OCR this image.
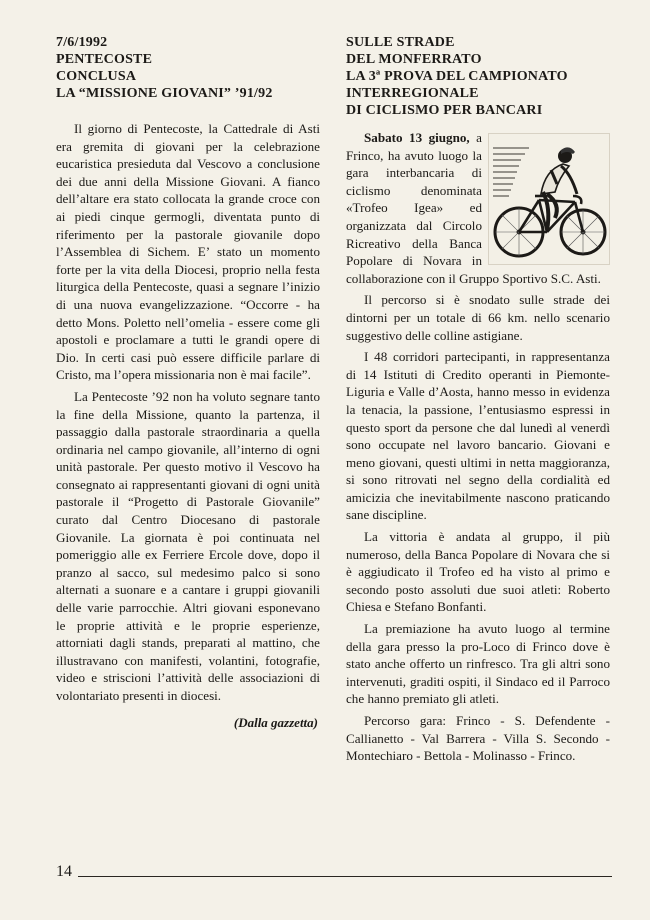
7/6/1992
PENTECOSTE
CONCLUSA
LA “MISSIONE GIOVANI” ’91/92

Il giorno di Pentecoste, la Cattedrale di Asti era gremita di giovani per la celebrazione eucaristica presieduta dal Vescovo a conclusione dei due anni della Missione Giovani. A fianco dell’altare era stato collocata la grande croce con ai piedi cinque germogli, diventata punto di riferimento per la pastorale giovanile dopo l’Assemblea di Sichem. E’ stato un momento forte per la vita della Diocesi, proprio nella festa liturgica della Pentecoste, quasi a segnare l’inizio di una nuova evangelizzazione. “Occorre - ha detto Mons. Poletto nell’omelia - essere come gli apostoli e proclamare a tutti le grandi opere di Dio. In certi casi può essere difficile parlare di Cristo, ma l’opera missionaria non è mai facile”.

La Pentecoste ’92 non ha voluto segnare tanto la fine della Missione, quanto la partenza, il passaggio dalla pastorale straordinaria a quella ordinaria nel campo giovanile, all’interno di ogni unità pastorale. Per questo motivo il Vescovo ha consegnato ai rappresentanti giovani di ogni unità pastorale il “Progetto di Pastorale Giovanile” curato dal Centro Diocesano di pastorale Giovanile. La giornata è poi continuata nel pomeriggio alle ex Ferriere Ercole dove, dopo il pranzo al sacco, sul medesimo palco si sono alternati a suonare e a cantare i gruppi giovanili delle varie parrocchie. Altri giovani esponevano le proprie attività e le proprie esperienze, attorniati dagli stands, preparati al mattino, che illustravano con manifesti, volantini, fotografie, video e striscioni l’attività delle associazioni di volontariato presenti in diocesi.

(Dalla gazzetta)
SULLE STRADE
DEL MONFERRATO
LA 3ª PROVA DEL CAMPIONATO
INTERREGIONALE
DI CICLISMO PER BANCARI

Sabato 13 giugno, a Frinco, ha avuto luogo la gara interbancaria di ciclismo denominata «Trofeo Igea» ed organizzata dal Circolo Ricreativo della Banca Popolare di Novara in collaborazione con il Gruppo Sportivo S.C. Asti.

Il percorso si è snodato sulle strade dei dintorni per un totale di 66 km. nello scenario suggestivo delle colline astigiane.

I 48 corridori partecipanti, in rappresentanza di 14 Istituti di Credito operanti in Piemonte-Liguria e Valle d’Aosta, hanno messo in evidenza la tenacia, la passione, l’entusiasmo espressi in questo sport da persone che dal lunedì al venerdì sono occupate nel lavoro bancario. Giovani e meno giovani, questi ultimi in netta maggioranza, si sono ritrovati nel segno della cordialità ed amicizia che inevitabilmente nascono praticando sane discipline.

La vittoria è andata al gruppo, il più numeroso, della Banca Popolare di Novara che si è aggiudicato il Trofeo ed ha visto al primo e secondo posto assoluti due suoi atleti: Roberto Chiesa e Stefano Bonfanti.

La premiazione ha avuto luogo al termine della gara presso la pro-Loco di Frinco dove è stato anche offerto un rinfresco. Tra gli altri sono intervenuti, graditi ospiti, il Sindaco ed il Parroco che hanno premiato gli atleti.

Percorso gara: Frinco - S. Defendente - Callianetto - Val Barrera - Villa S. Secondo - Montechiaro - Bettola - Molinasso - Frinco.

14
